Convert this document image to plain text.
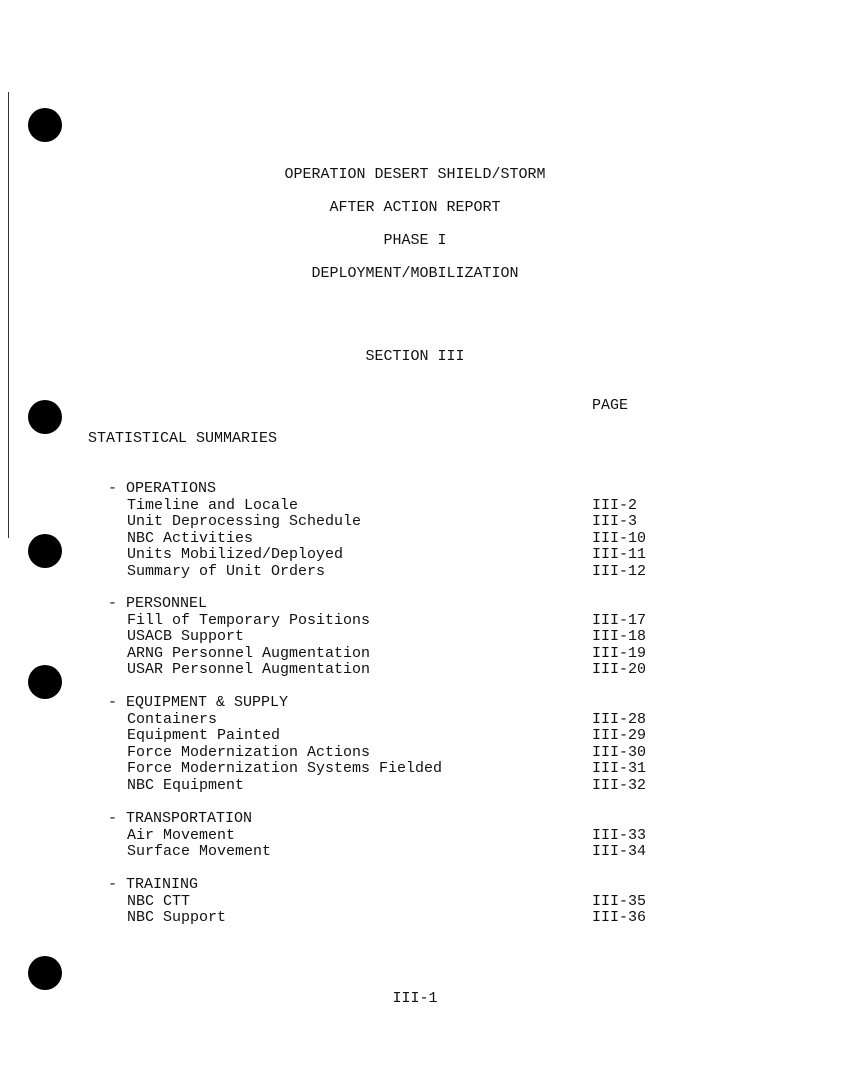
OPERATION DESERT SHIELD/STORM
AFTER ACTION REPORT
PHASE I
DEPLOYMENT/MOBILIZATION
SECTION III
PAGE
STATISTICAL SUMMARIES
- OPERATIONS
Timeline and Locale	III-2
Unit Deprocessing Schedule	III-3
NBC Activities	III-10
Units Mobilized/Deployed	III-11
Summary of Unit Orders	III-12
- PERSONNEL
Fill of Temporary Positions	III-17
USACB Support	III-18
ARNG Personnel Augmentation	III-19
USAR Personnel Augmentation	III-20
- EQUIPMENT & SUPPLY
Containers	III-28
Equipment Painted	III-29
Force Modernization Actions	III-30
Force Modernization Systems Fielded	III-31
NBC Equipment	III-32
- TRANSPORTATION
Air Movement	III-33
Surface Movement	III-34
- TRAINING
NBC CTT	III-35
NBC Support	III-36
III-1
